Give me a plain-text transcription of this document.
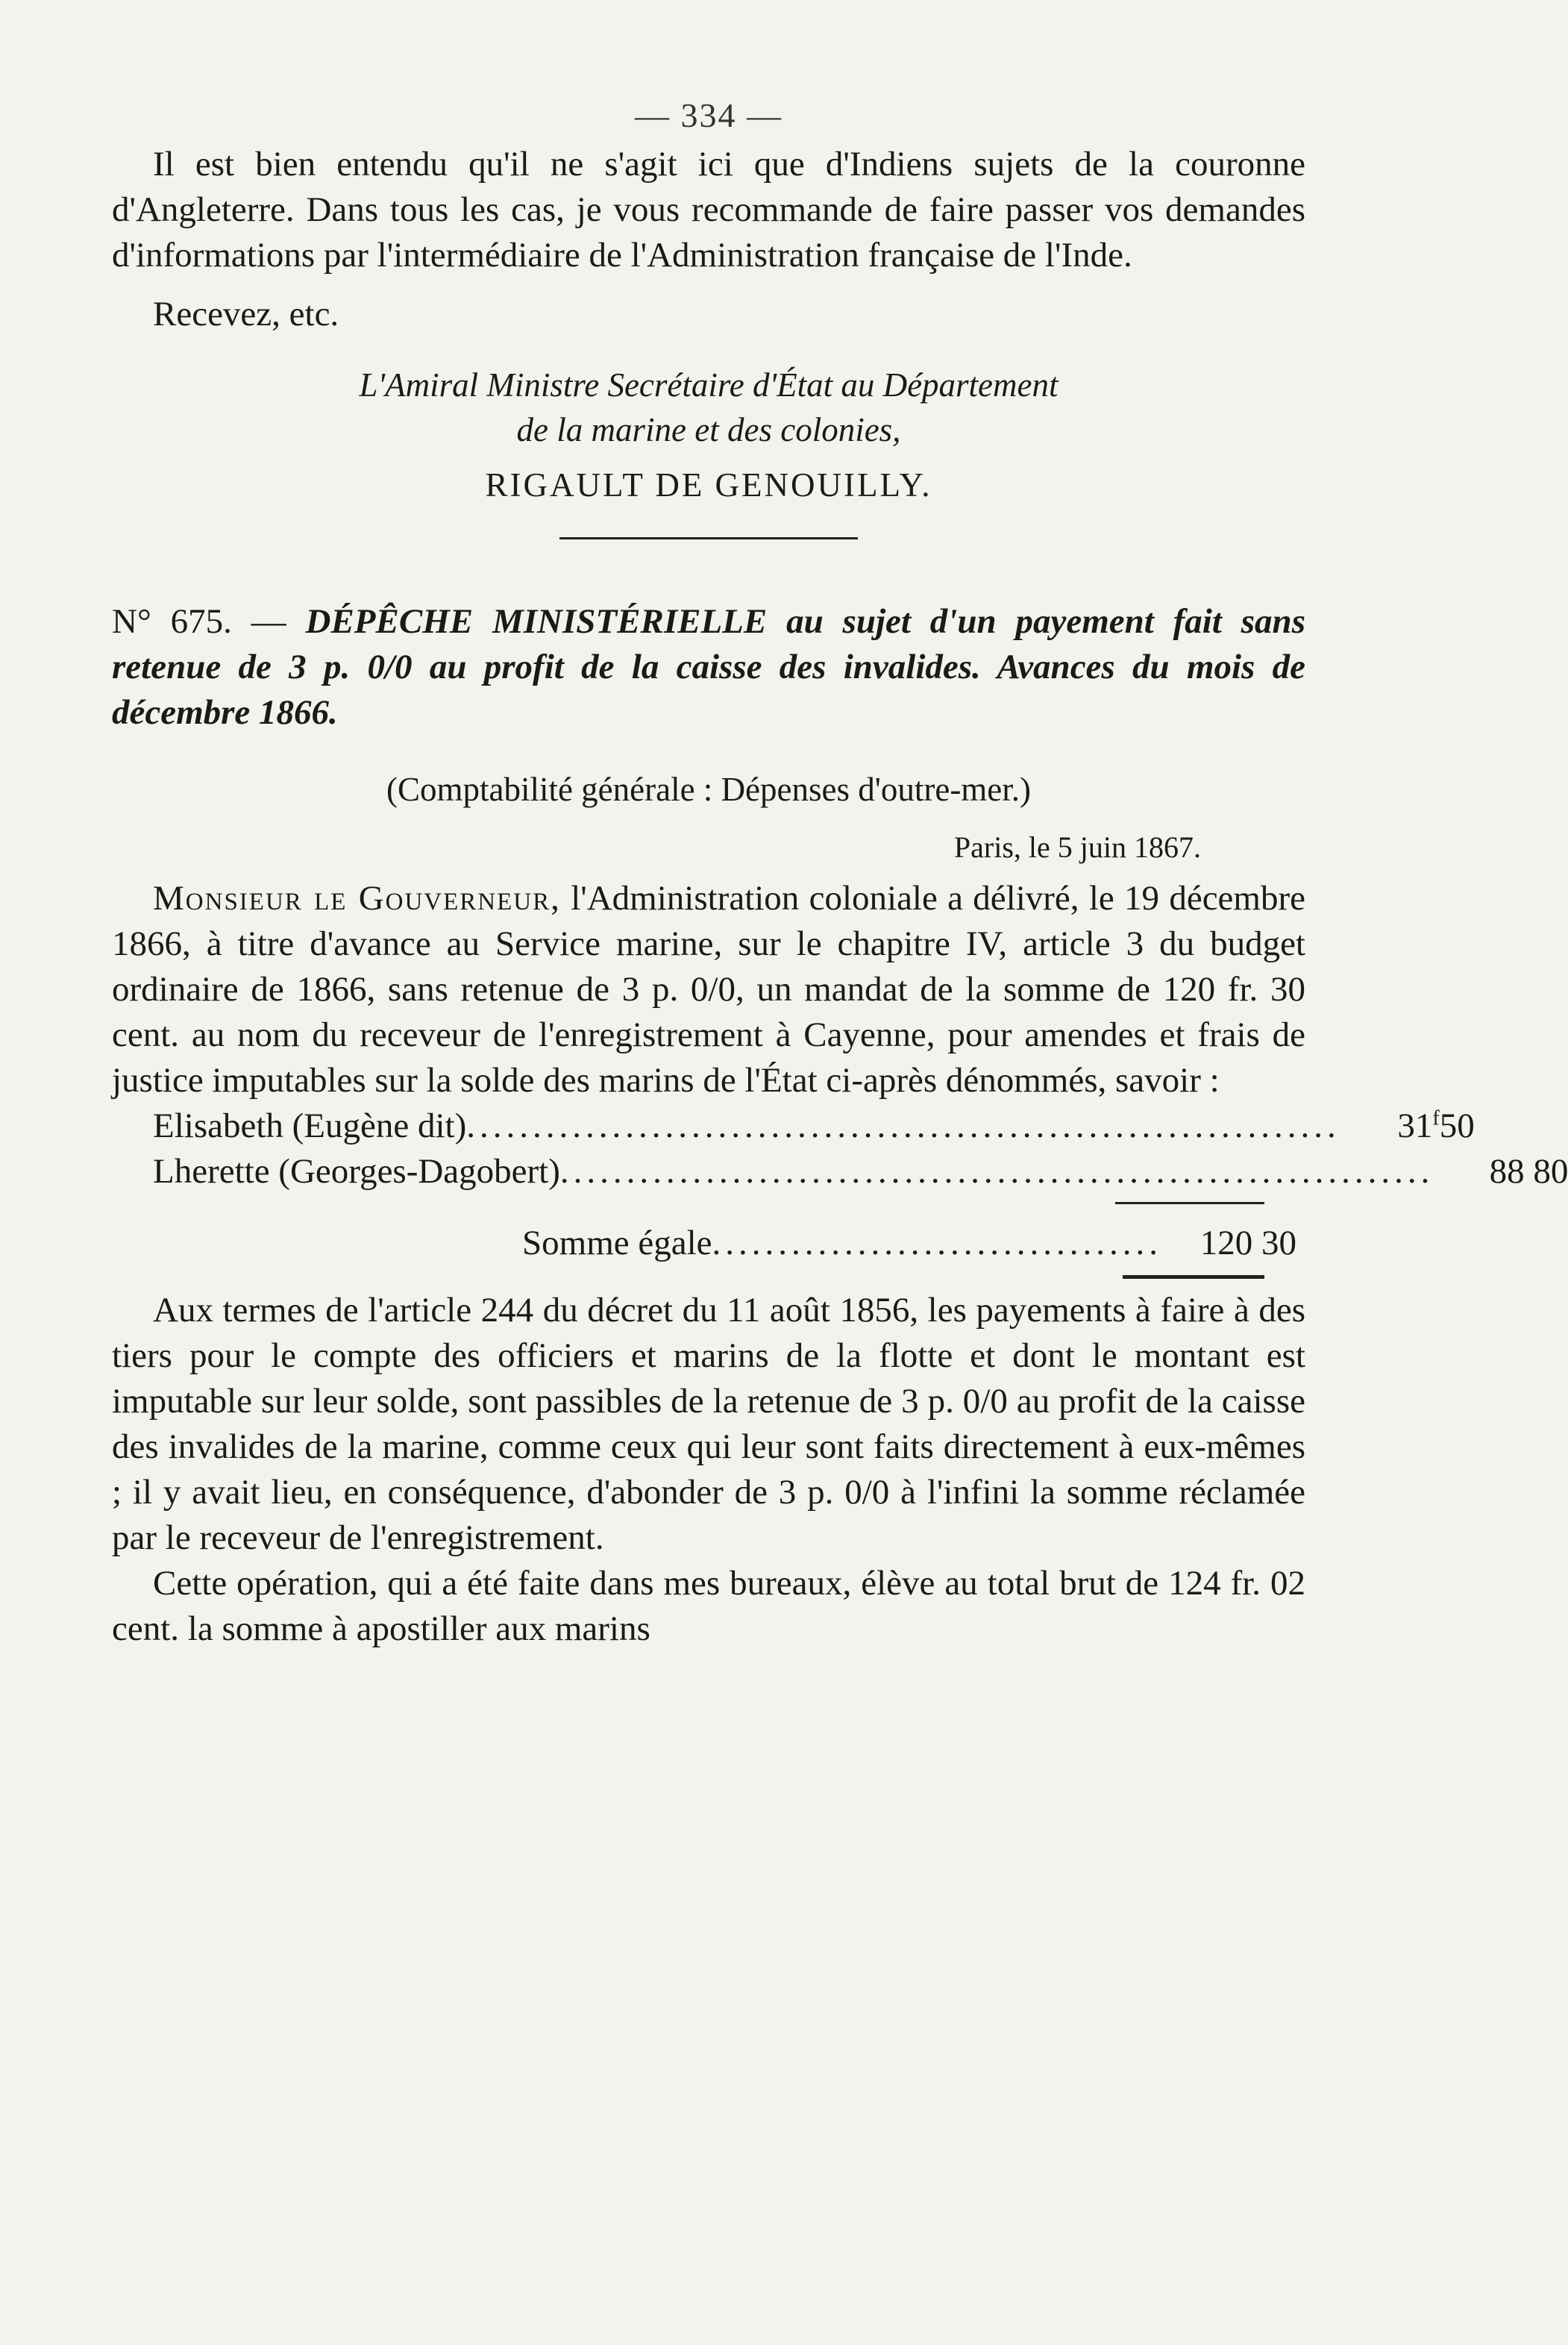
— 334 —

Il est bien entendu qu'il ne s'agit ici que d'Indiens sujets de la couronne d'Angleterre. Dans tous les cas, je vous recommande de faire passer vos demandes d'informations par l'intermédiaire de l'Administration française de l'Inde.

Recevez, etc.

L'Amiral Ministre Secrétaire d'État au Département
de la marine et des colonies,
RIGAULT DE GENOUILLY.
N° 675. — DÉPÊCHE MINISTÉRIELLE au sujet d'un payement fait sans retenue de 3 p. 0/0 au profit de la caisse des invalides. Avances du mois de décembre 1866.
(Comptabilité générale : Dépenses d'outre-mer.)
Paris, le 5 juin 1867.

Monsieur le Gouverneur, l'Administration coloniale a délivré, le 19 décembre 1866, à titre d'avance au Service marine, sur le chapitre IV, article 3 du budget ordinaire de 1866, sans retenue de 3 p. 0/0, un mandat de la somme de 120 fr. 30 cent. au nom du receveur de l'enregistrement à Cayenne, pour amendes et frais de justice imputables sur la solde des marins de l'État ci-après dénommés, savoir :

Elisabeth (Eugène dit) ..................................................................	31$^f$50
Lherette (Georges-Dagobert) ..................................................................	88 80
Somme égale ..................................	120 30

Aux termes de l'article 244 du décret du 11 août 1856, les payements à faire à des tiers pour le compte des officiers et marins de la flotte et dont le montant est imputable sur leur solde, sont passibles de la retenue de 3 p. 0/0 au profit de la caisse des invalides de la marine, comme ceux qui leur sont faits directement à eux-mêmes ; il y avait lieu, en conséquence, d'abonder de 3 p. 0/0 à l'infini la somme réclamée par le receveur de l'enregistrement.

Cette opération, qui a été faite dans mes bureaux, élève au total brut de 124 fr. 02 cent. la somme à apostiller aux marins
